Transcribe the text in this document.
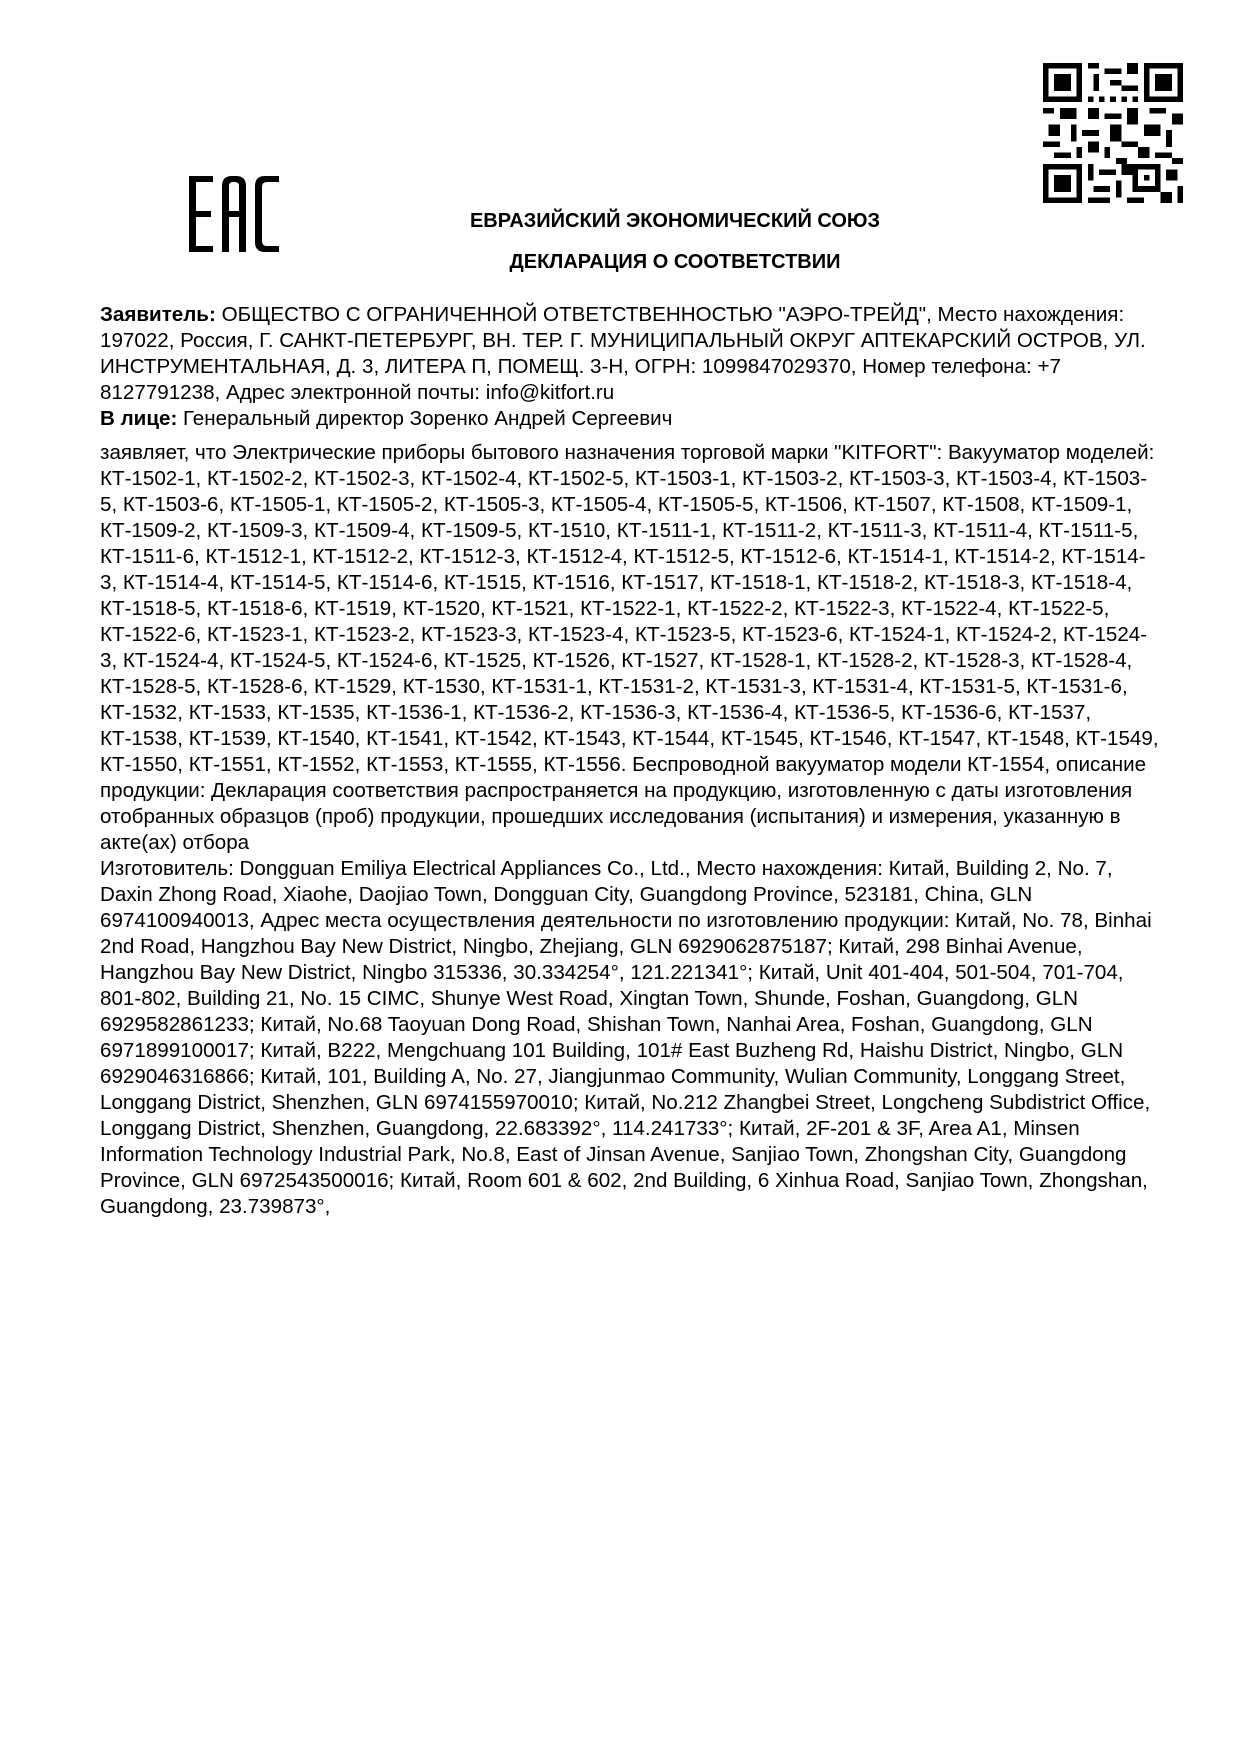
ЕВРАЗИЙСКИЙ ЭКОНОМИЧЕСКИЙ СОЮЗ
ДЕКЛАРАЦИЯ О СООТВЕТСТВИИ

Заявитель: ОБЩЕСТВО С ОГРАНИЧЕННОЙ ОТВЕТСТВЕННОСТЬЮ "АЭРО-ТРЕЙД", Место нахождения: 197022, Россия, Г. САНКТ-ПЕТЕРБУРГ, ВН. ТЕР. Г. МУНИЦИПАЛЬНЫЙ ОКРУГ АПТЕКАРСКИЙ ОСТРОВ, УЛ. ИНСТРУМЕНТАЛЬНАЯ, Д. 3, ЛИТЕРА П, ПОМЕЩ. 3-Н, ОГРН: 1099847029370, Номер телефона: +7 8127791238, Адрес электронной почты: info@kitfort.ru

В лице: Генеральный директор Зоренко Андрей Сергеевич

заявляет, что Электрические приборы бытового назначения торговой марки "KITFORT": Вакууматор моделей: КТ-1502-1, КТ-1502-2, КТ-1502-3, КТ-1502-4, КТ-1502-5, КТ-1503-1, КТ-1503-2, КТ-1503-3, КТ-1503-4, КТ-1503-5, КТ-1503-6, КТ-1505-1, КТ-1505-2, КТ-1505-3, КТ-1505-4, КТ-1505-5, КТ-1506, КТ-1507, КТ-1508, КТ-1509-1, КТ-1509-2, КТ-1509-3, КТ-1509-4, КТ-1509-5, КТ-1510, КТ-1511-1, КТ-1511-2, КТ-1511-3, КТ-1511-4, КТ-1511-5, КТ-1511-6, КТ-1512-1, КТ-1512-2, КТ-1512-3, КТ-1512-4, КТ-1512-5, КТ-1512-6, КТ-1514-1, КТ-1514-2, КТ-1514-3, КТ-1514-4, КТ-1514-5, КТ-1514-6, КТ-1515, КТ-1516, КТ-1517, КТ-1518-1, КТ-1518-2, КТ-1518-3, КТ-1518-4, КТ-1518-5, КТ-1518-6, КТ-1519, КТ-1520, КТ-1521, КТ-1522-1, КТ-1522-2, КТ-1522-3, КТ-1522-4, КТ-1522-5, КТ-1522-6, КТ-1523-1, КТ-1523-2, КТ-1523-3, КТ-1523-4, КТ-1523-5, КТ-1523-6, КТ-1524-1, КТ-1524-2, КТ-1524-3, КТ-1524-4, КТ-1524-5, КТ-1524-6, КТ-1525, КТ-1526, КТ-1527, КТ-1528-1, КТ-1528-2, КТ-1528-3, КТ-1528-4, КТ-1528-5, КТ-1528-6, КТ-1529, КТ-1530, КТ-1531-1, КТ-1531-2, КТ-1531-3, КТ-1531-4, КТ-1531-5, КТ-1531-6, КТ-1532, КТ-1533, КТ-1535, КТ-1536-1, КТ-1536-2, КТ-1536-3, КТ-1536-4, КТ-1536-5, КТ-1536-6, КТ-1537, КТ-1538, КТ-1539, КТ-1540, КТ-1541, КТ-1542, КТ-1543, КТ-1544, КТ-1545, КТ-1546, КТ-1547, КТ-1548, КТ-1549, КТ-1550, КТ-1551, КТ-1552, КТ-1553, КТ-1555, КТ-1556. Беспроводной вакууматор модели КТ-1554, описание продукции: Декларация соответствия распространяется на продукцию, изготовленную с даты изготовления отобранных образцов (проб) продукции, прошедших исследования (испытания) и измерения, указанную в акте(ах) отбора

Изготовитель: Dongguan Emiliya Electrical Appliances Co., Ltd., Место нахождения: Китай, Building 2, No. 7, Daxin Zhong Road, Xiaohe, Daojiao Town, Dongguan City, Guangdong Province, 523181, China, GLN 6974100940013, Адрес места осуществления деятельности по изготовлению продукции: Китай, No. 78, Binhai 2nd Road, Hangzhou Bay New District, Ningbo, Zhejiang, GLN 6929062875187; Китай, 298 Binhai Avenue, Hangzhou Bay New District, Ningbo 315336, 30.334254°, 121.221341°; Китай, Unit 401-404, 501-504, 701-704, 801-802, Building 21, No. 15 CIMC, Shunye West Road, Xingtan Town, Shunde, Foshan, Guangdong, GLN 6929582861233; Китай, No.68 Taoyuan Dong Road, Shishan Town, Nanhai Area, Foshan, Guangdong, GLN 6971899100017; Китай, B222, Mengchuang 101 Building, 101# East Buzheng Rd, Haishu District, Ningbo, GLN 6929046316866; Китай, 101, Building A, No. 27, Jiangjunmao Community, Wulian Community, Longgang Street, Longgang District, Shenzhen, GLN 6974155970010; Китай, No.212 Zhangbei Street, Longcheng Subdistrict Office, Longgang District, Shenzhen, Guangdong, 22.683392°, 114.241733°; Китай, 2F-201 & 3F, Area A1, Minsen Information Technology Industrial Park, No.8, East of Jinsan Avenue, Sanjiao Town, Zhongshan City, Guangdong Province, GLN 6972543500016; Китай, Room 601 & 602, 2nd Building, 6 Xinhua Road, Sanjiao Town, Zhongshan, Guangdong, 23.739873°,
